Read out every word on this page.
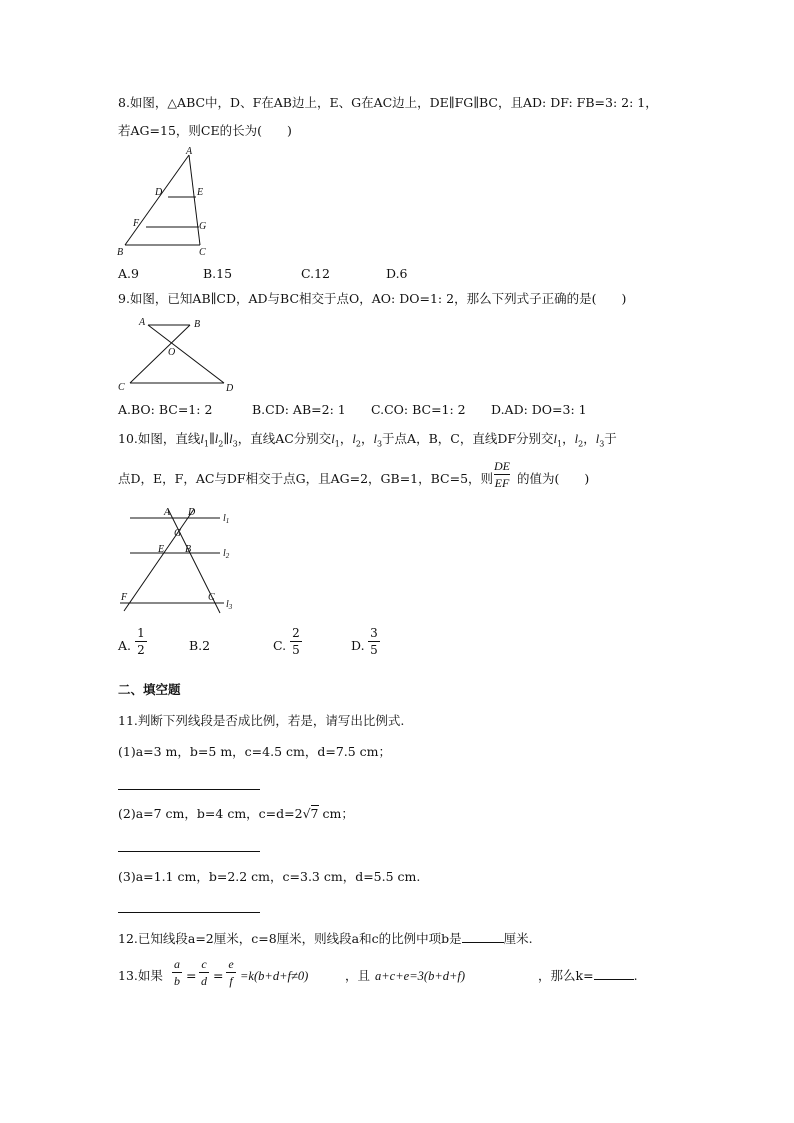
8.如图，△ABC中，D、F在AB边上，E、G在AC边上，DE∥FG∥BC，且AD: DF: FB=3: 2: 1，
若AG=15，则CE的长为(　　)
A
D	E
F	G
B	C
A.9	B.15	C.12	D.6
9.如图，已知AB∥CD，AD与BC相交于点O，AO: DO=1: 2，那么下列式子正确的是(　　)
A	B
O
C	D
A.BO: BC=1: 2	B.CD: AB=2: 1 C.CO: BC=1: 2 D.AD: DO=3: 1
10.如图，直线$l_1\parallel l_2\parallel l_3$，直线AC分别交$l_1$，$l_2$，$l_3$于点A，B，C，直线DF分别交$l_1$，$l_2$，$l_3$于
点D，E，F，AC与DF相交于点G，且AG=2，GB=1，BC=5，则
DE
EF 的值为(　　)
A D
G
E B
F	C
$l_1$
$l_2$
$l_3$
A.
1
2	B.2	C.
2
5	D.
3
5
二、填空题
11.判断下列线段是否成比例，若是，请写出比例式.
(1)a=3 m，b=5 m，c=4.5 cm，d=7.5 cm；
(2)a=7 cm，b=4 cm，c=d=2√7 cm；
(3)a=1.1 cm，b=2.2 cm，c=3.3 cm，d=5.5 cm.
12.已知线段a=2厘米，c=8厘米，则线段a和c的比例中项b是	厘米.
13.如果
a
b =
c
d =
e
f =k(b+d+f≠0)	，且 a+c+e=3(b+d+f)	，那么k=	.
